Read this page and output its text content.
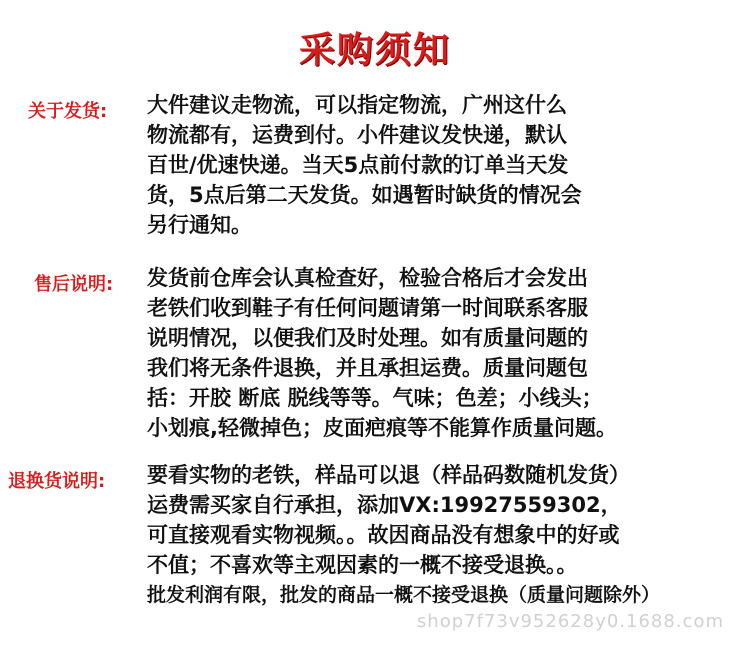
采购须知
关于发货: 大件建议走物流，可以指定物流，广州这什么
物流都有，运费到付。小件建议发快递，默认
百世/优速快递。当天5点前付款的订单当天发
货，5点后第二天发货。如遇暂时缺货的情况会
另行通知。
售后说明: 发货前仓库会认真检查好，检验合格后才会发出
老铁们收到鞋子有任何问题请第一时间联系客服
说明情况，以便我们及时处理。如有质量问题的
我们将无条件退换，并且承担运费。质量问题包
括：开胶 断底 脱线等等。气味；色差；小线头；
小划痕,轻微掉色；皮面疤痕等不能算作质量问题。
退换货说明: 要看实物的老铁，样品可以退（样品码数随机发货）
运费需买家自行承担，添加VX:19927559302，
可直接观看实物视频。。故因商品没有想象中的好或
不值；不喜欢等主观因素的一概不接受退换。。
批发利润有限，批发的商品一概不接受退换（质量问题除外）
shop7f73v952628y0.1688.com
